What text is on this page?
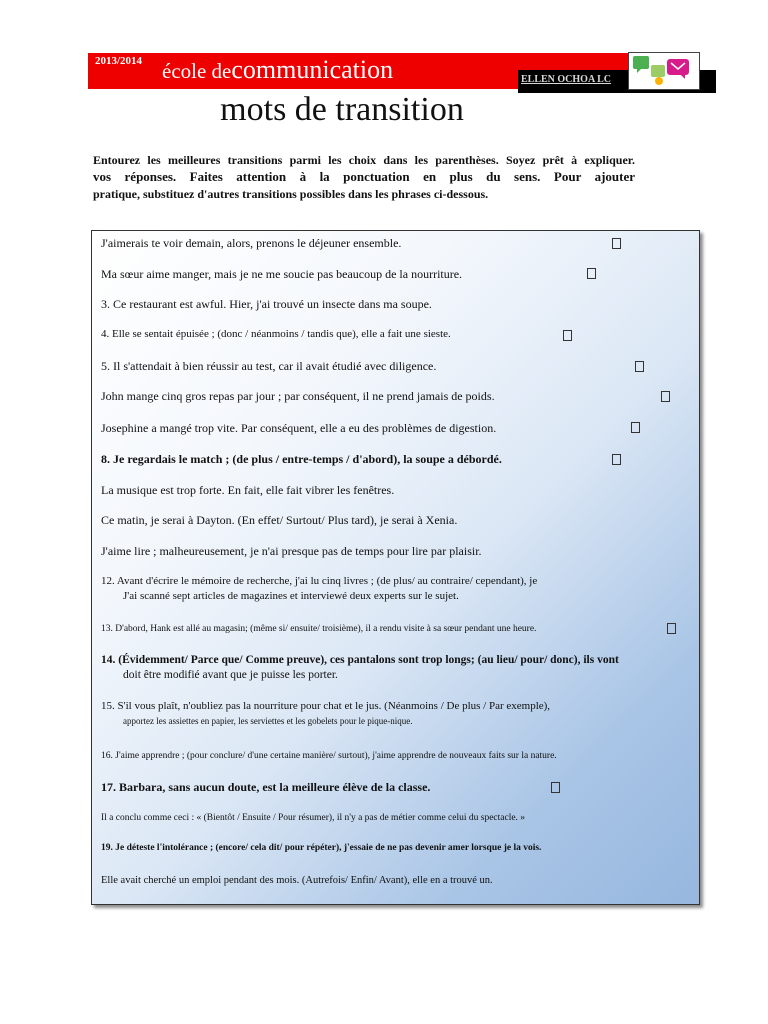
2013/2014 école decommunication	ELLEN OCHOA LC
mots de transition

Entourez les meilleures transitions parmi les choix dans les parenthèses. Soyez prêt à expliquer.

vos réponses. Faites attention à la ponctuation en plus du sens. Pour ajouter

pratique, substituez d'autres transitions possibles dans les phrases ci-dessous.

J'aimerais te voir demain, alors, prenons le déjeuner ensemble.
Ma sœur aime manger, mais je ne me soucie pas beaucoup de la nourriture.
3. Ce restaurant est awful. Hier, j'ai trouvé un insecte dans ma soupe.
4. Elle se sentait épuisée ; (donc / néanmoins / tandis que), elle a fait une sieste.
5. Il s'attendait à bien réussir au test, car il avait étudié avec diligence.
John mange cinq gros repas par jour ; par conséquent, il ne prend jamais de poids.
Josephine a mangé trop vite. Par conséquent, elle a eu des problèmes de digestion.
8. Je regardais le match ; (de plus / entre-temps / d'abord), la soupe a débordé.
La musique est trop forte. En fait, elle fait vibrer les fenêtres.
Ce matin, je serai à Dayton. (En effet/ Surtout/ Plus tard), je serai à Xenia.
J'aime lire ; malheureusement, je n'ai presque pas de temps pour lire par plaisir.
12. Avant d'écrire le mémoire de recherche, j'ai lu cinq livres ; (de plus/ au contraire/ cependant), je
J'ai scanné sept articles de magazines et interviewé deux experts sur le sujet.
13. D'abord, Hank est allé au magasin; (même si/ ensuite/ troisième), il a rendu visite à sa sœur pendant une heure.
14. (Évidemment/ Parce que/ Comme preuve), ces pantalons sont trop longs; (au lieu/ pour/ donc), ils vont
doit être modifié avant que je puisse les porter.
15. S'il vous plaît, n'oubliez pas la nourriture pour chat et le jus. (Néanmoins / De plus / Par exemple),
apportez les assiettes en papier, les serviettes et les gobelets pour le pique-nique.
16. J'aime apprendre ; (pour conclure/ d'une certaine manière/ surtout), j'aime apprendre de nouveaux faits sur la nature.
17. Barbara, sans aucun doute, est la meilleure élève de la classe.
Il a conclu comme ceci : « (Bientôt / Ensuite / Pour résumer), il n'y a pas de métier comme celui du spectacle. »
19. Je déteste l'intolérance ; (encore/ cela dit/ pour répéter), j'essaie de ne pas devenir amer lorsque je la vois.
Elle avait cherché un emploi pendant des mois. (Autrefois/ Enfin/ Avant), elle en a trouvé un.
